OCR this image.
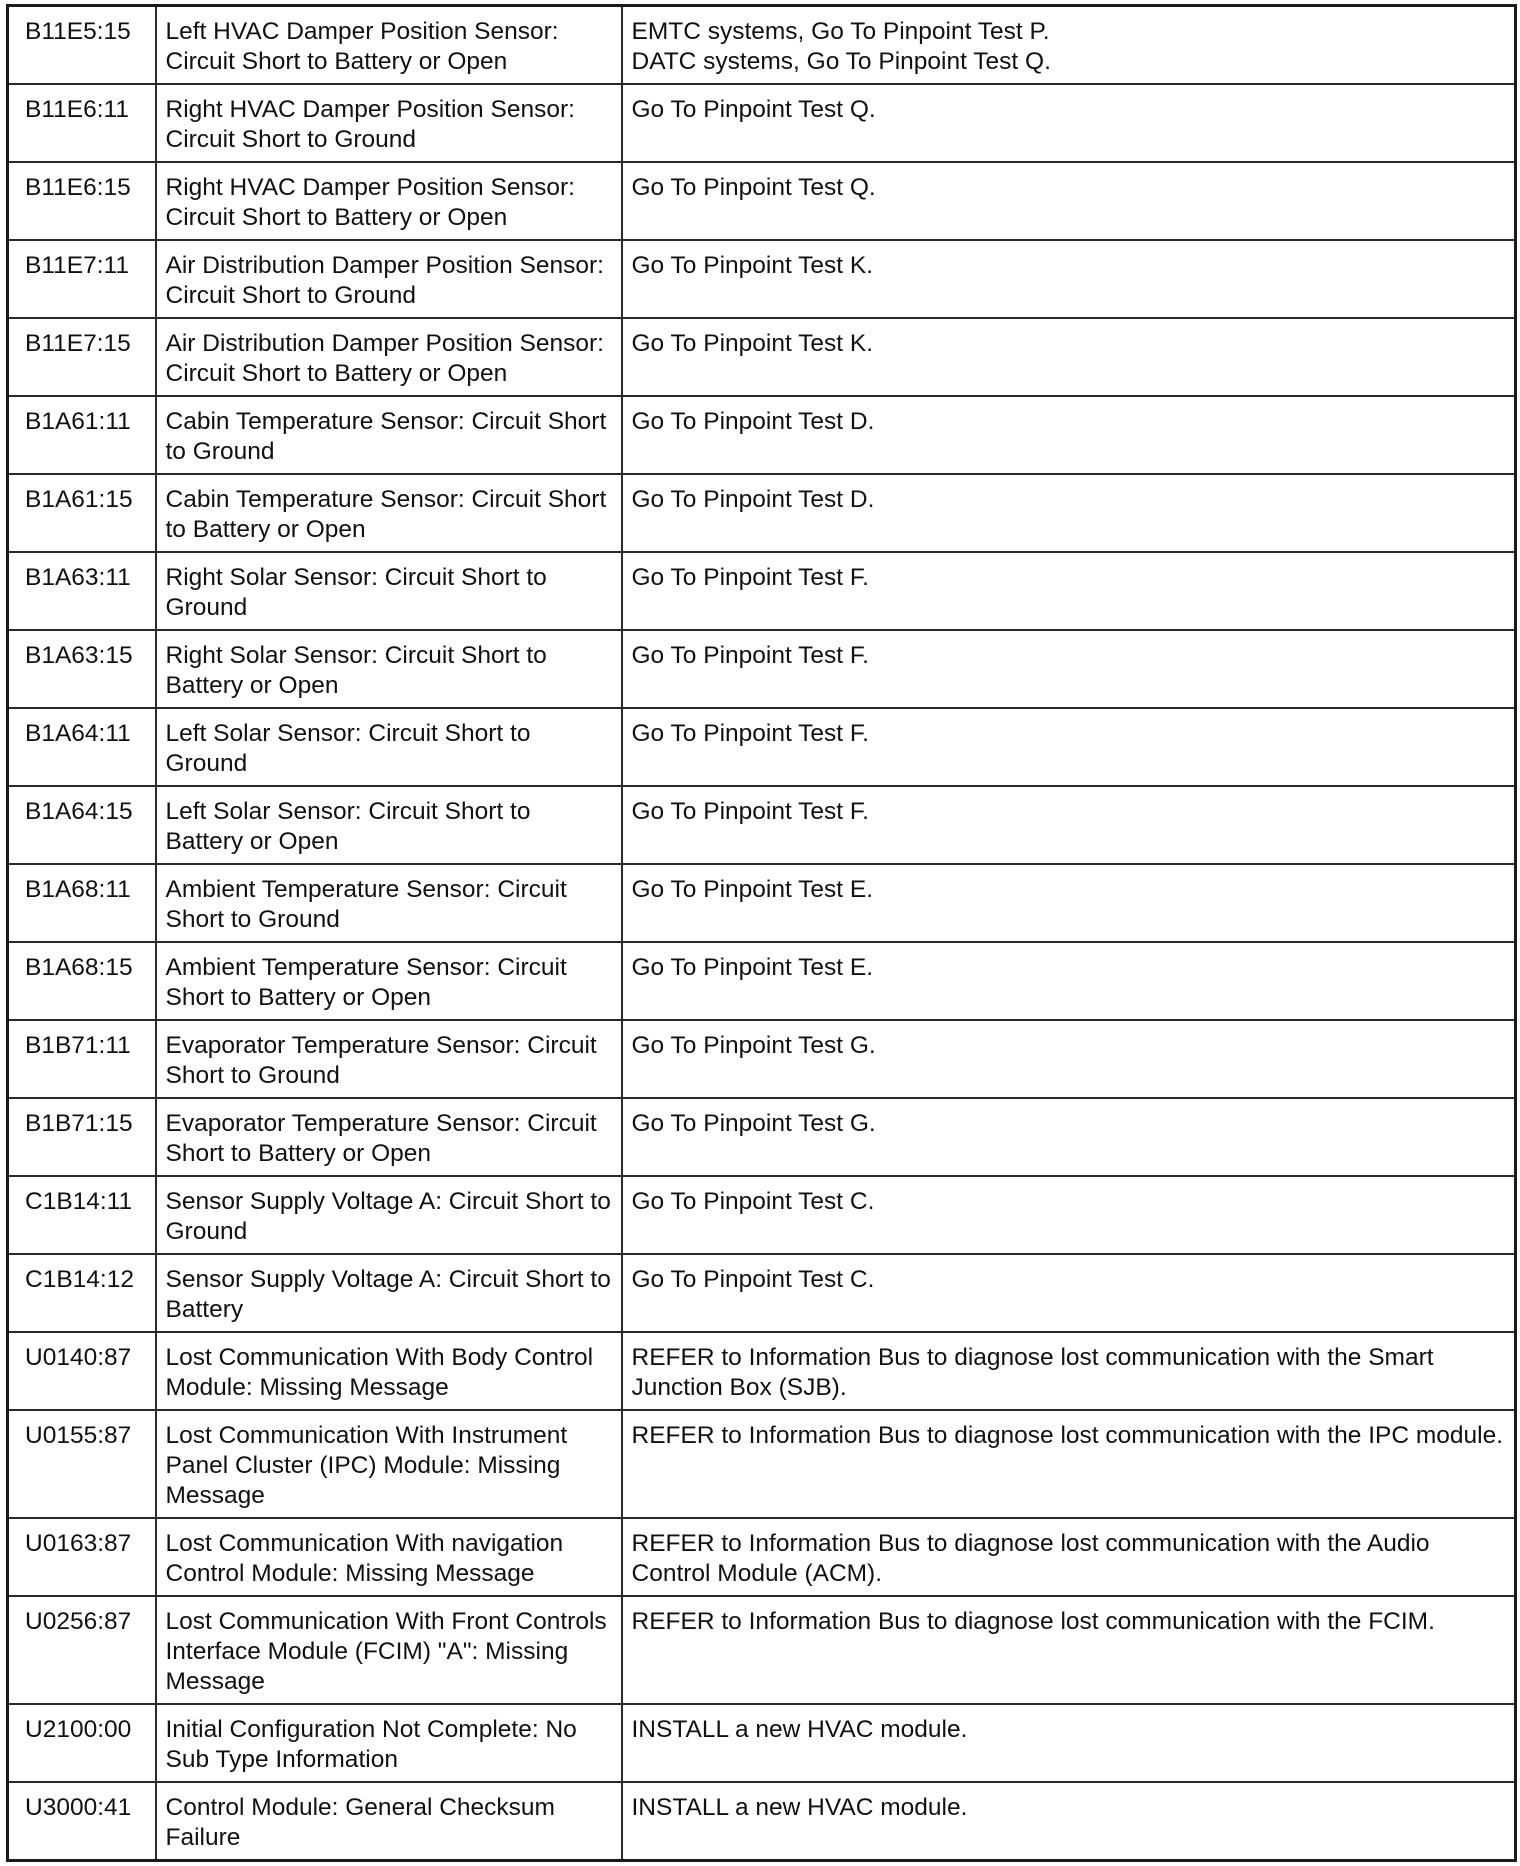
B11E5:15	Left HVAC Damper Position Sensor: Circuit Short to Battery or Open	EMTC systems, Go To Pinpoint Test P.
DATC systems, Go To Pinpoint Test Q.

B11E6:11	Right HVAC Damper Position Sensor: Circuit Short to Ground	Go To Pinpoint Test Q.
B11E6:15	Right HVAC Damper Position Sensor: Circuit Short to Battery or Open	Go To Pinpoint Test Q.
B11E7:11	Air Distribution Damper Position Sensor: Circuit Short to Ground	Go To Pinpoint Test K.
B11E7:15	Air Distribution Damper Position Sensor: Circuit Short to Battery or Open	Go To Pinpoint Test K.
B1A61:11	Cabin Temperature Sensor: Circuit Short to Ground	Go To Pinpoint Test D.
B1A61:15	Cabin Temperature Sensor: Circuit Short to Battery or Open	Go To Pinpoint Test D.
B1A63:11	Right Solar Sensor: Circuit Short to Ground	Go To Pinpoint Test F.
B1A63:15	Right Solar Sensor: Circuit Short to Battery or Open	Go To Pinpoint Test F.
B1A64:11	Left Solar Sensor: Circuit Short to Ground	Go To Pinpoint Test F.
B1A64:15	Left Solar Sensor: Circuit Short to Battery or Open	Go To Pinpoint Test F.
B1A68:11	Ambient Temperature Sensor: Circuit Short to Ground	Go To Pinpoint Test E.
B1A68:15	Ambient Temperature Sensor: Circuit Short to Battery or Open	Go To Pinpoint Test E.
B1B71:11	Evaporator Temperature Sensor: Circuit Short to Ground	Go To Pinpoint Test G.
B1B71:15	Evaporator Temperature Sensor: Circuit Short to Battery or Open	Go To Pinpoint Test G.
C1B14:11	Sensor Supply Voltage A: Circuit Short to Ground	Go To Pinpoint Test C.
C1B14:12	Sensor Supply Voltage A: Circuit Short to Battery	Go To Pinpoint Test C.
U0140:87	Lost Communication With Body Control Module: Missing Message	REFER to Information Bus to diagnose lost communication with the Smart Junction Box (SJB).
U0155:87	Lost Communication With Instrument Panel Cluster (IPC) Module: Missing Message	REFER to Information Bus to diagnose lost communication with the IPC module.
U0163:87	Lost Communication With navigation Control Module: Missing Message	REFER to Information Bus to diagnose lost communication with the Audio Control Module (ACM).
U0256:87	Lost Communication With Front Controls Interface Module (FCIM) "A": Missing Message	REFER to Information Bus to diagnose lost communication with the FCIM.
U2100:00	Initial Configuration Not Complete: No Sub Type Information	INSTALL a new HVAC module.
U3000:41	Control Module: General Checksum Failure	INSTALL a new HVAC module.
